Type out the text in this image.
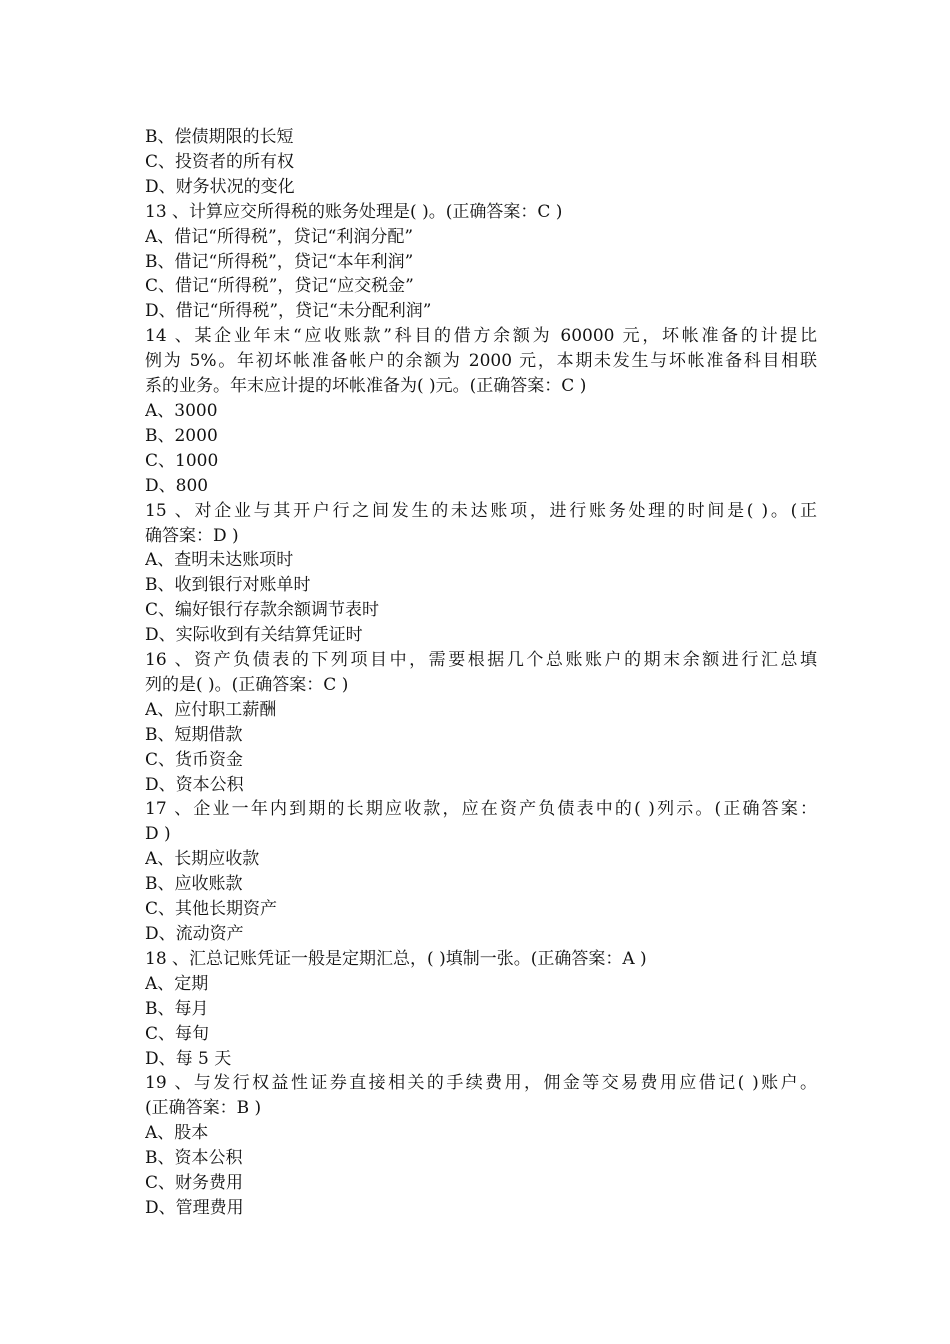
B、偿债期限的长短
C、投资者的所有权
D、财务状况的变化
13 、计算应交所得税的账务处理是( )。(正确答案：C )
A、借记“所得税”，贷记“利润分配”
B、借记“所得税”，贷记“本年利润”
C、借记“所得税”，贷记“应交税金”
D、借记“所得税”，贷记“未分配利润”
14 、某企业年末“应收账款”科目的借方余额为 60000 元，坏帐准备的计提比
例为 5%。年初坏帐准备帐户的余额为 2000 元，本期未发生与坏帐准备科目相联
系的业务。年末应计提的坏帐准备为( )元。(正确答案：C )
A、3000
B、2000
C、1000
D、800
15 、对企业与其开户行之间发生的未达账项，进行账务处理的时间是( )。(正
确答案：D )
A、查明未达账项时
B、收到银行对账单时
C、编好银行存款余额调节表时
D、实际收到有关结算凭证时
16 、资产负债表的下列项目中，需要根据几个总账账户的期末余额进行汇总填
列的是( )。(正确答案：C )
A、应付职工薪酬
B、短期借款
C、货币资金
D、资本公积
17 、企业一年内到期的长期应收款，应在资产负债表中的( )列示。(正确答案：
D )
A、长期应收款
B、应收账款
C、其他长期资产
D、流动资产
18 、汇总记账凭证一般是定期汇总，( )填制一张。(正确答案：A )
A、定期
B、每月
C、每旬
D、每 5 天
19 、与发行权益性证券直接相关的手续费用，佣金等交易费用应借记( )账户。
(正确答案：B )
A、股本
B、资本公积
C、财务费用
D、管理费用
